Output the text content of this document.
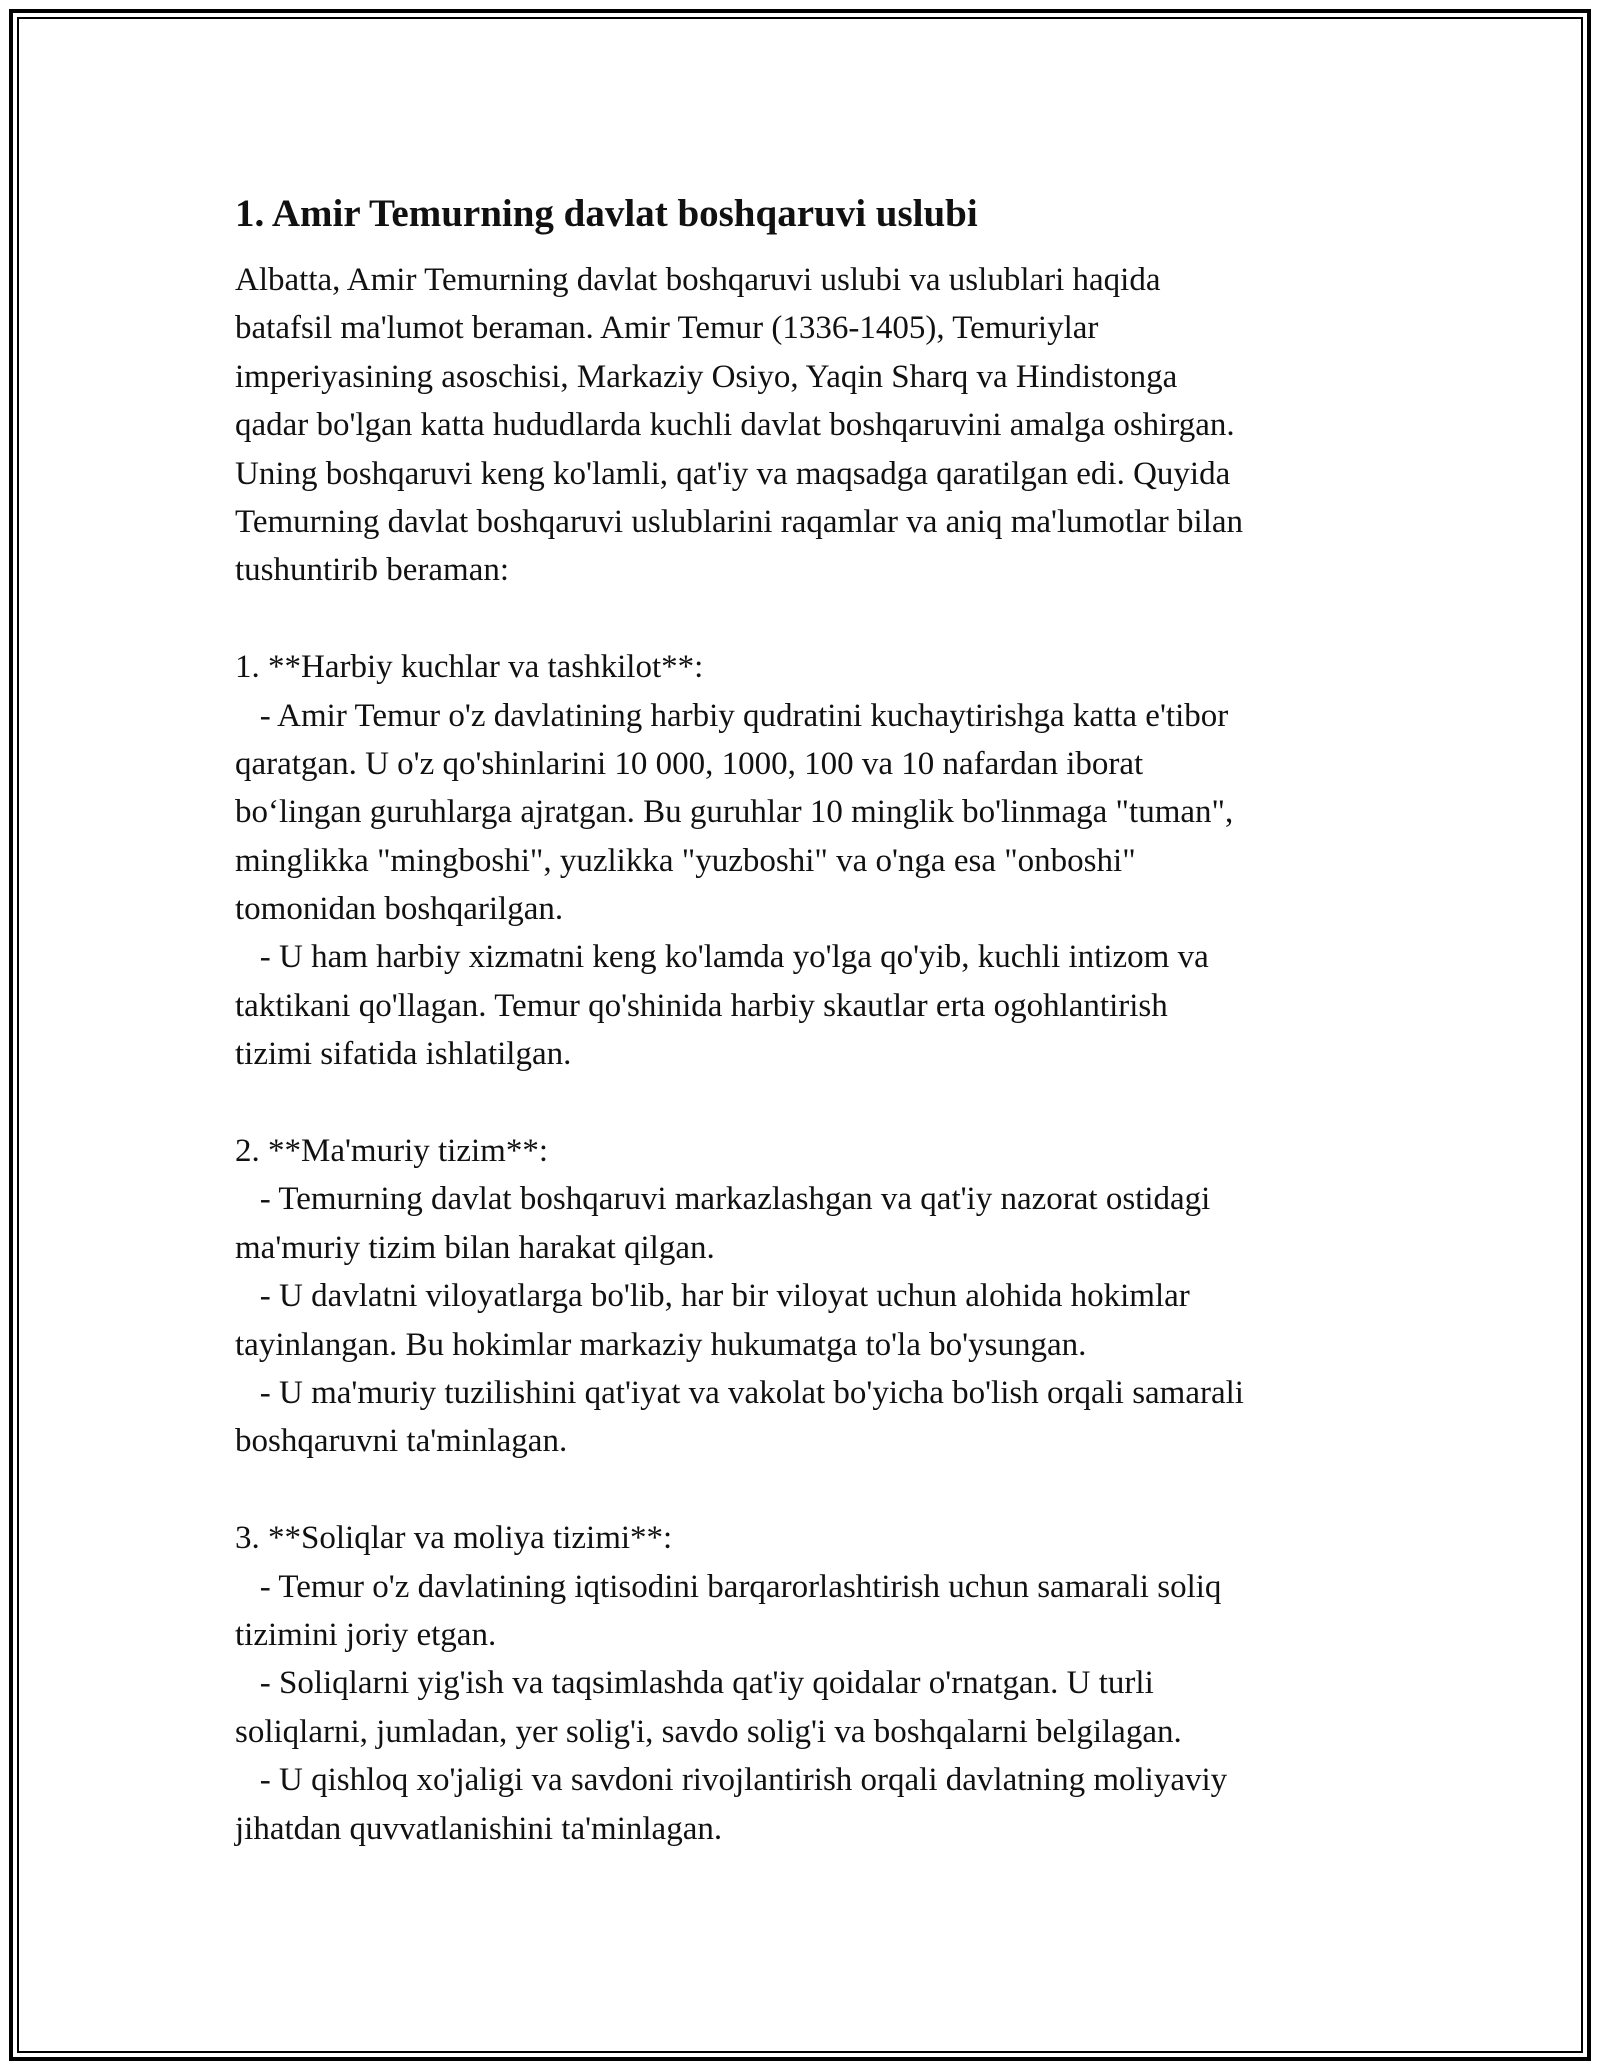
1. Amir Temurning davlat boshqaruvi uslubi
Albatta, Amir Temurning davlat boshqaruvi uslubi va uslublari haqida
batafsil ma'lumot beraman. Amir Temur (1336-1405), Temuriylar
imperiyasining asoschisi, Markaziy Osiyo, Yaqin Sharq va Hindistonga
qadar bo'lgan katta hududlarda kuchli davlat boshqaruvini amalga oshirgan.
Uning boshqaruvi keng ko'lamli, qat'iy va maqsadga qaratilgan edi. Quyida
Temurning davlat boshqaruvi uslublarini raqamlar va aniq ma'lumotlar bilan
tushuntirib beraman:
1. **Harbiy kuchlar va tashkilot**:
- Amir Temur o'z davlatining harbiy qudratini kuchaytirishga katta e'tibor
qaratgan. U o'z qo'shinlarini 10 000, 1000, 100 va 10 nafardan iborat
bo‘lingan guruhlarga ajratgan. Bu guruhlar 10 minglik bo'linmaga "tuman",
minglikka "mingboshi", yuzlikka "yuzboshi" va o'nga esa "onboshi"
tomonidan boshqarilgan.
- U ham harbiy xizmatni keng ko'lamda yo'lga qo'yib, kuchli intizom va
taktikani qo'llagan. Temur qo'shinida harbiy skautlar erta ogohlantirish
tizimi sifatida ishlatilgan.
2. **Ma'muriy tizim**:
- Temurning davlat boshqaruvi markazlashgan va qat'iy nazorat ostidagi
ma'muriy tizim bilan harakat qilgan.
- U davlatni viloyatlarga bo'lib, har bir viloyat uchun alohida hokimlar
tayinlangan. Bu hokimlar markaziy hukumatga to'la bo'ysungan.
- U ma'muriy tuzilishini qat'iyat va vakolat bo'yicha bo'lish orqali samarali
boshqaruvni ta'minlagan.
3. **Soliqlar va moliya tizimi**:
- Temur o'z davlatining iqtisodini barqarorlashtirish uchun samarali soliq
tizimini joriy etgan.
- Soliqlarni yig'ish va taqsimlashda qat'iy qoidalar o'rnatgan. U turli
soliqlarni, jumladan, yer solig'i, savdo solig'i va boshqalarni belgilagan.
- U qishloq xo'jaligi va savdoni rivojlantirish orqali davlatning moliyaviy
jihatdan quvvatlanishini ta'minlagan.
